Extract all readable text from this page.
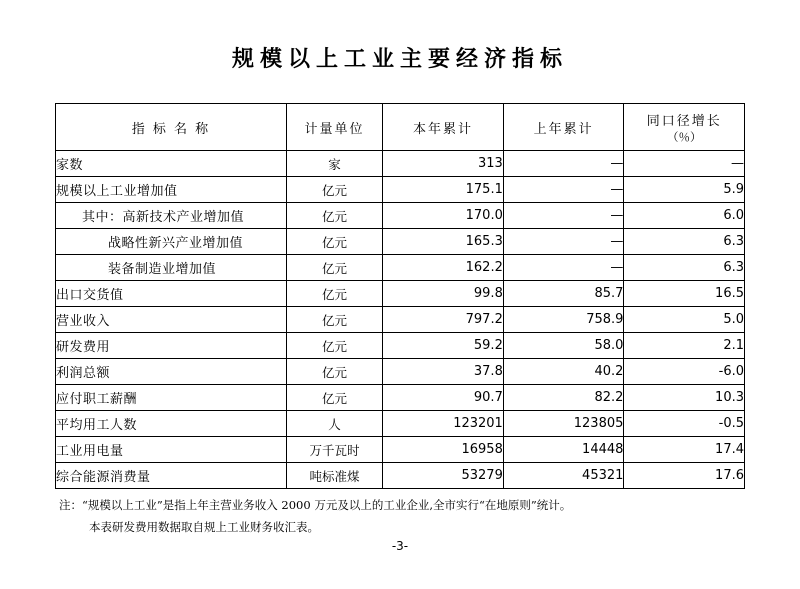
规模以上工业主要经济指标
指 标 名 称	计量单位	本年累计	上年累计	同口径增长
（％）

家数	家	313	—	—
规模以上工业增加值	亿元	175.1	—	5.9
其中：高新技术产业增加值	亿元	170.0	—	6.0
战略性新兴产业增加值	亿元	165.3	—	6.3
装备制造业增加值	亿元	162.2	—	6.3
出口交货值	亿元	99.8	85.7	16.5
营业收入	亿元	797.2	758.9	5.0
研发费用	亿元	59.2	58.0	2.1
利润总额	亿元	37.8	40.2	-6.0
应付职工薪酬	亿元	90.7	82.2	10.3
平均用工人数	人	123201	123805	-0.5
工业用电量	万千瓦时	16958	14448	17.4
综合能源消费量	吨标准煤	53279	45321	17.6
注：“规模以上工业”是指上年主营业务收入 2000 万元及以上的工业企业,全市实行“在地原则”统计。
本表研发费用数据取自规上工业财务收汇表。
-3-
